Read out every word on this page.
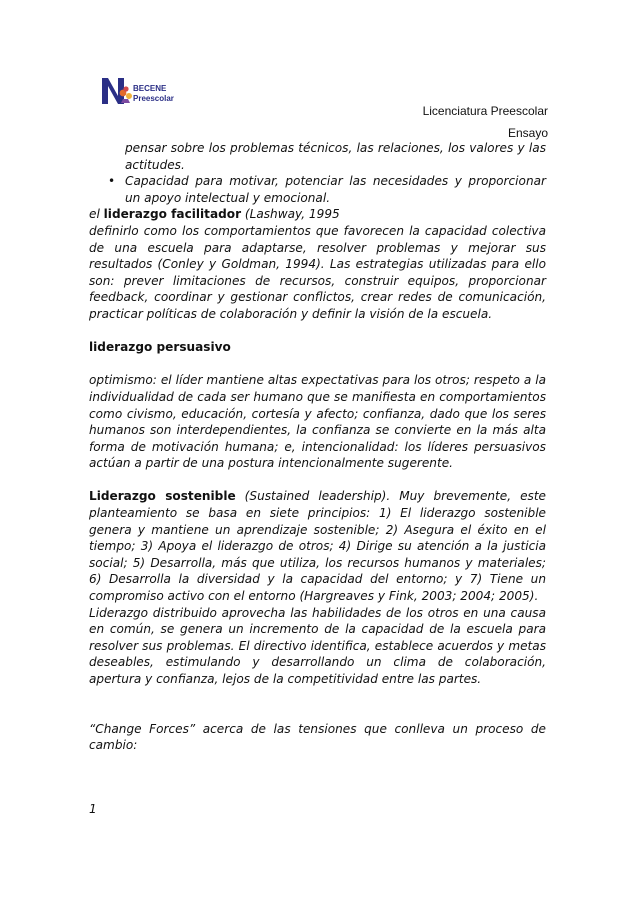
BECENE
Preescolar
Licenciatura Preescolar
Ensayo

pensar sobre los problemas técnicos, las relaciones, los valores y las actitudes.

• Capacidad para motivar, potenciar las necesidades y proporcionar un apoyo intelectual y emocional.

el liderazgo facilitador (Lashway, 1995

definirlo como los comportamientos que favorecen la capacidad colectiva de una escuela para adaptarse, resolver problemas y mejorar sus resultados (Conley y Goldman, 1994). Las estrategias utilizadas para ello son: prever limitaciones de recursos, construir equipos, proporcionar feedback, coordinar y gestionar conflictos, crear redes de comunicación, practicar políticas de colaboración y definir la visión de la escuela.

liderazgo persuasivo

optimismo: el líder mantiene altas expectativas para los otros; respeto a la individualidad de cada ser humano que se manifiesta en comportamientos como civismo, educación, cortesía y afecto; confianza, dado que los seres humanos son interdependientes, la confianza se convierte en la más alta forma de motivación humana; e, intencionalidad: los líderes persuasivos actúan a partir de una postura intencionalmente sugerente.

Liderazgo sostenible (Sustained leadership). Muy brevemente, este planteamiento se basa en siete principios: 1) El liderazgo sostenible genera y mantiene un aprendizaje sostenible; 2) Asegura el éxito en el tiempo; 3) Apoya el liderazgo de otros; 4) Dirige su atención a la justicia social; 5) Desarrolla, más que utiliza, los recursos humanos y materiales; 6) Desarrolla la diversidad y la capacidad del entorno; y 7) Tiene un compromiso activo con el entorno (Hargreaves y Fink, 2003; 2004; 2005).

Liderazgo distribuido aprovecha las habilidades de los otros en una causa en común, se genera un incremento de la capacidad de la escuela para resolver sus problemas. El directivo identifica, establece acuerdos y metas deseables, estimulando y desarrollando un clima de colaboración, apertura y confianza, lejos de la competitividad entre las partes.

“Change Forces” acerca de las tensiones que conlleva un proceso de cambio:

1
